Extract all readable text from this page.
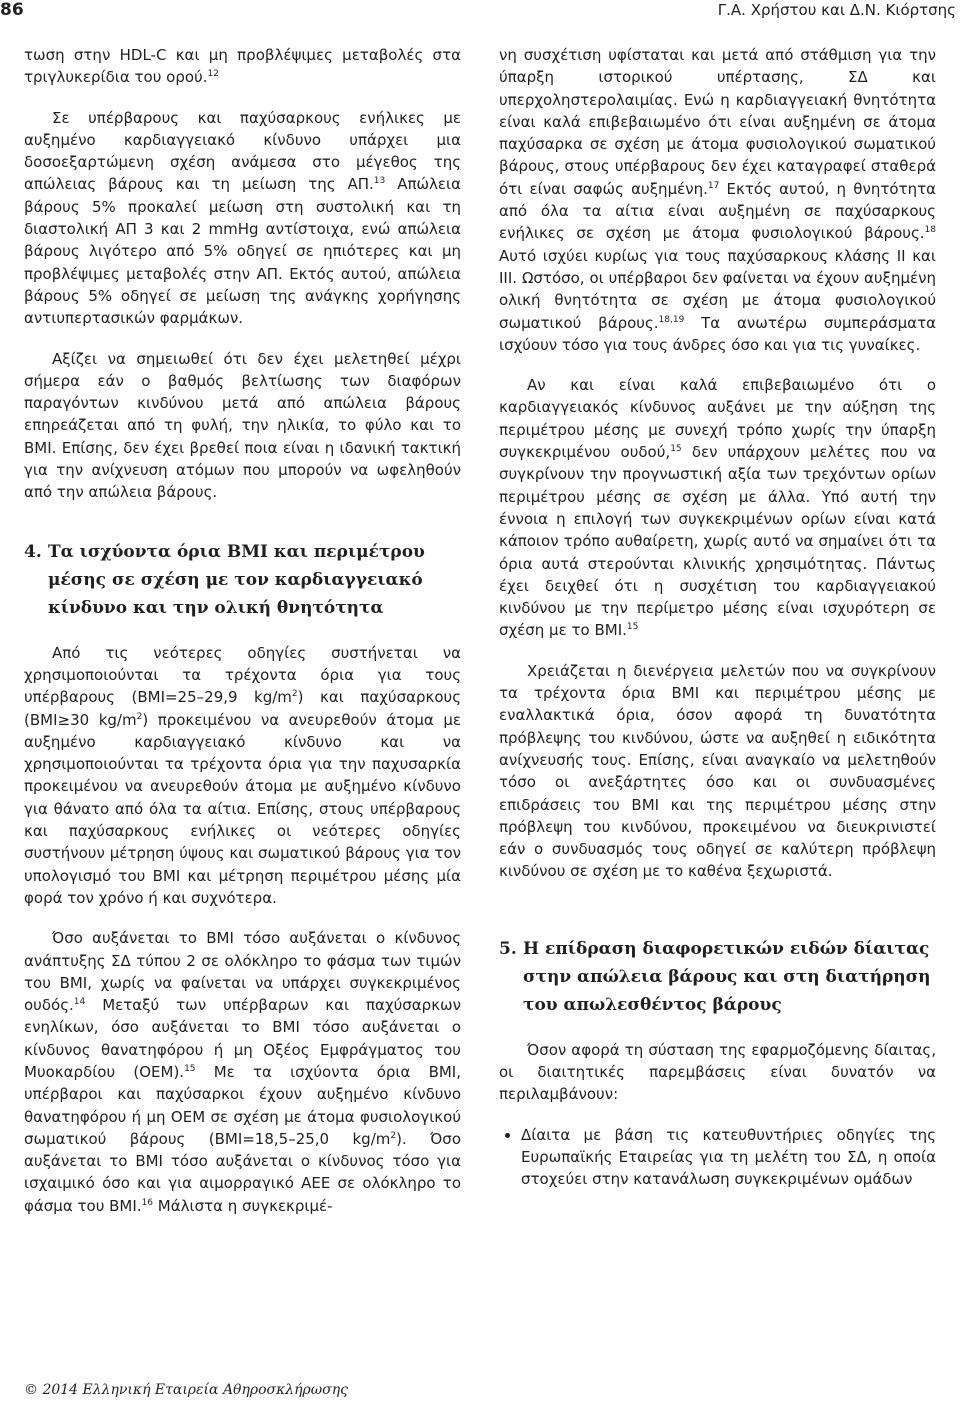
86	Γ.Α. Χρήστου και Δ.Ν. Κιόρτσης

τωση στην HDL-C και μη προβλέψιμες μεταβολές στα τριγλυκερίδια του ορού.$^{12}$

Σε υπέρβαρους και παχύσαρκους ενήλικες με αυξημένο καρδιαγγειακό κίνδυνο υπάρχει μια δοσοεξαρτώμενη σχέση ανάμεσα στο μέγεθος της απώλειας βάρους και τη μείωση της ΑΠ.$^{13}$ Απώλεια βάρους 5% προκαλεί μείωση στη συστολική και τη διαστολική ΑΠ 3 και 2 mmHg αντίστοιχα, ενώ απώλεια βάρους λιγότερο από 5% οδηγεί σε ηπιότερες και μη προβλέψιμες μεταβολές στην ΑΠ. Εκτός αυτού, απώλεια βάρους 5% οδηγεί σε μείωση της ανάγκης χορήγησης αντιυπερτασικών φαρμάκων.

Αξίζει να σημειωθεί ότι δεν έχει μελετηθεί μέχρι σήμερα εάν ο βαθμός βελτίωσης των διαφόρων παραγόντων κινδύνου μετά από απώλεια βάρους επηρεάζεται από τη φυλή, την ηλικία, το φύλο και το BMI. Επίσης, δεν έχει βρεθεί ποια είναι η ιδανική τακτική για την ανίχνευση ατόμων που μπορούν να ωφεληθούν από την απώλεια βάρους.

4. Τα ισχύοντα όρια BMI και περιμέτρου
μέσης σε σχέση με τον καρδιαγγειακό
κίνδυνο και την ολική θνητότητα

Από τις νεότερες οδηγίες συστήνεται να χρησιμοποιούνται τα τρέχοντα όρια για τους υπέρβαρους (BMI=25–29,9 $kg/m^2$) και παχύσαρκους (BMI≥30 $kg/m^2$) προκειμένου να ανευρεθούν άτομα με αυξημένο καρδιαγγειακό κίνδυνο και να χρησιμοποιούνται τα τρέχοντα όρια για την παχυσαρκία προκειμένου να ανευρεθούν άτομα με αυξημένο κίνδυνο για θάνατο από όλα τα αίτια. Επίσης, στους υπέρβαρους και παχύσαρκους ενήλικες οι νεότερες οδηγίες συστήνουν μέτρηση ύψους και σωματικού βάρους για τον υπολογισμό του BMI και μέτρηση περιμέτρου μέσης μία φορά τον χρόνο ή και συχνότερα.

Όσο αυξάνεται το BMI τόσο αυξάνεται ο κίνδυνος ανάπτυξης ΣΔ τύπου 2 σε ολόκληρο το φάσμα των τιμών του BMI, χωρίς να φαίνεται να υπάρχει συγκεκριμένος ουδός.$^{14}$ Μεταξύ των υπέρβαρων και παχύσαρκων ενηλίκων, όσο αυξάνεται το BMI τόσο αυξάνεται ο κίνδυνος θανατηφόρου ή μη Οξέος Εμφράγματος του Μυοκαρδίου (ΟΕΜ).$^{15}$ Με τα ισχύοντα όρια BMI, υπέρβαροι και παχύσαρκοι έχουν αυξημένο κίνδυνο θανατηφόρου ή μη ΟΕΜ σε σχέση με άτομα φυσιολογικού σωματικού βάρους (BMI=18,5–25,0 $kg/m^2$). Όσο αυξάνεται το BMI τόσο αυξάνεται ο κίνδυνος τόσο για ισχαιμικό όσο και για αιμορραγικό ΑΕΕ σε ολόκληρο το φάσμα του BMI.$^{16}$ Μάλιστα η συγκεκριμέ-

νη συσχέτιση υφίσταται και μετά από στάθμιση για την ύπαρξη ιστορικού υπέρτασης, ΣΔ και υπερχοληστερολαιμίας. Ενώ η καρδιαγγειακή θνητότητα είναι καλά επιβεβαιωμένο ότι είναι αυξημένη σε άτομα παχύσαρκα σε σχέση με άτομα φυσιολογικού σωματικού βάρους, στους υπέρβαρους δεν έχει καταγραφεί σταθερά ότι είναι σαφώς αυξημένη.$^{17}$ Εκτός αυτού, η θνητότητα από όλα τα αίτια είναι αυξημένη σε παχύσαρκους ενήλικες σε σχέση με άτομα φυσιολογικού βάρους.$^{18}$ Αυτό ισχύει κυρίως για τους παχύσαρκους κλάσης II και III. Ωστόσο, οι υπέρβαροι δεν φαίνεται να έχουν αυξημένη ολική θνητότητα σε σχέση με άτομα φυσιολογικού σωματικού βάρους.$^{18,19}$ Τα ανωτέρω συμπεράσματα ισχύουν τόσο για τους άνδρες όσο και για τις γυναίκες.

Αν και είναι καλά επιβεβαιωμένο ότι ο καρδιαγγειακός κίνδυνος αυξάνει με την αύξηση της περιμέτρου μέσης με συνεχή τρόπο χωρίς την ύπαρξη συγκεκριμένου ουδού,$^{15}$ δεν υπάρχουν μελέτες που να συγκρίνουν την προγνωστική αξία των τρεχόντων ορίων περιμέτρου μέσης σε σχέση με άλλα. Υπό αυτή την έννοια η επιλογή των συγκεκριμένων ορίων είναι κατά κάποιον τρόπο αυθαίρετη, χωρίς αυτό να σημαίνει ότι τα όρια αυτά στερούνται κλινικής χρησιμότητας. Πάντως έχει δειχθεί ότι η συσχέτιση του καρδιαγγειακού κινδύνου με την περίμετρο μέσης είναι ισχυρότερη σε σχέση με το BMI.$^{15}$

Χρειάζεται η διενέργεια μελετών που να συγκρίνουν τα τρέχοντα όρια BMI και περιμέτρου μέσης με εναλλακτικά όρια, όσον αφορά τη δυνατότητα πρόβλεψης του κινδύνου, ώστε να αυξηθεί η ειδικότητα ανίχνευσής τους. Επίσης, είναι αναγκαίο να μελετηθούν τόσο οι ανεξάρτητες όσο και οι συνδυασμένες επιδράσεις του BMI και της περιμέτρου μέσης στην πρόβλεψη του κινδύνου, προκειμένου να διευκρινιστεί εάν ο συνδυασμός τους οδηγεί σε καλύτερη πρόβλεψη κινδύνου σε σχέση με το καθένα ξεχωριστά.

5. Η επίδραση διαφορετικών ειδών δίαιτας
στην απώλεια βάρους και στη διατήρηση
του απωλεσθέντος βάρους

Όσον αφορά τη σύσταση της εφαρμοζόμενης δίαιτας, οι διαιτητικές παρεμβάσεις είναι δυνατόν να περιλαμβάνουν:

• Δίαιτα με βάση τις κατευθυντήριες οδηγίες της Ευρωπαϊκής Εταιρείας για τη μελέτη του ΣΔ, η οποία στοχεύει στην κατανάλωση συγκεκριμένων ομάδων
© 2014 Ελληνική Εταιρεία Αθηροσκλήρωσης
